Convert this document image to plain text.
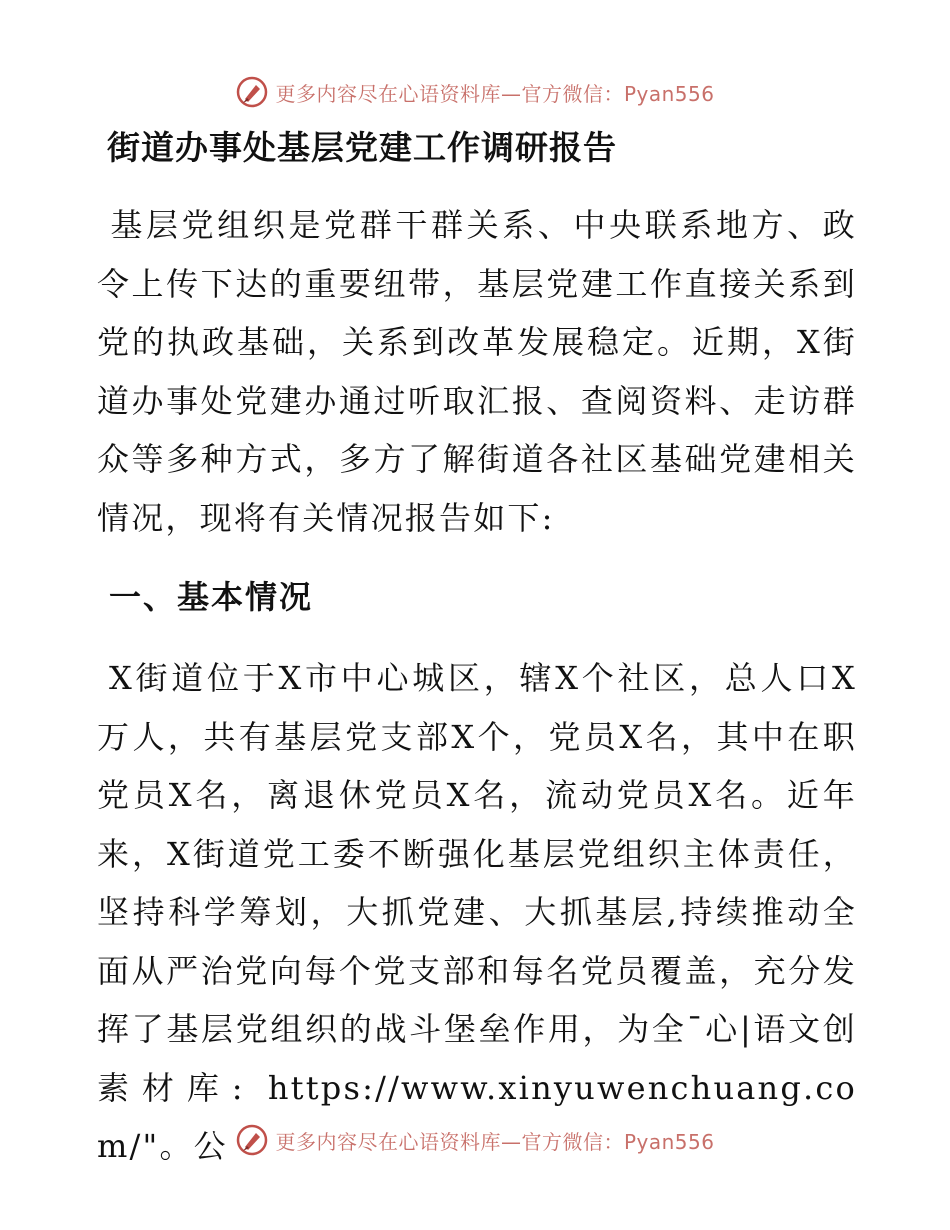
更多内容尽在心语资料库—官方微信：Pyan556
街道办事处基层党建工作调研报告

基层党组织是党群干群关系、中央联系地方、政令上传下达的重要纽带，基层党建工作直接关系到党的执政基础，关系到改革发展稳定。近期，X街道办事处党建办通过听取汇报、查阅资料、走访群众等多种方式，多方了解街道各社区基础党建相关情况，现将有关情况报告如下:

一、基本情况

X街道位于X市中心城区，辖X个社区，总人口X万人，共有基层党支部X个，党员X名，其中在职党员X名，离退休党员X名，流动党员X名。近年来，X街道党工委不断强化基层党组织主体责任，坚持科学筹划，大抓党建、大抓基层,持续推动全面从严治党向每个党支部和每名党员覆盖，充分发挥了基层党组织的战斗堡垒作用，为全¯心|语文创素材库: https://www.xinyuwenchuang.com/"。公	更多内容尽在心语资料库—官方微信：Pyan556
